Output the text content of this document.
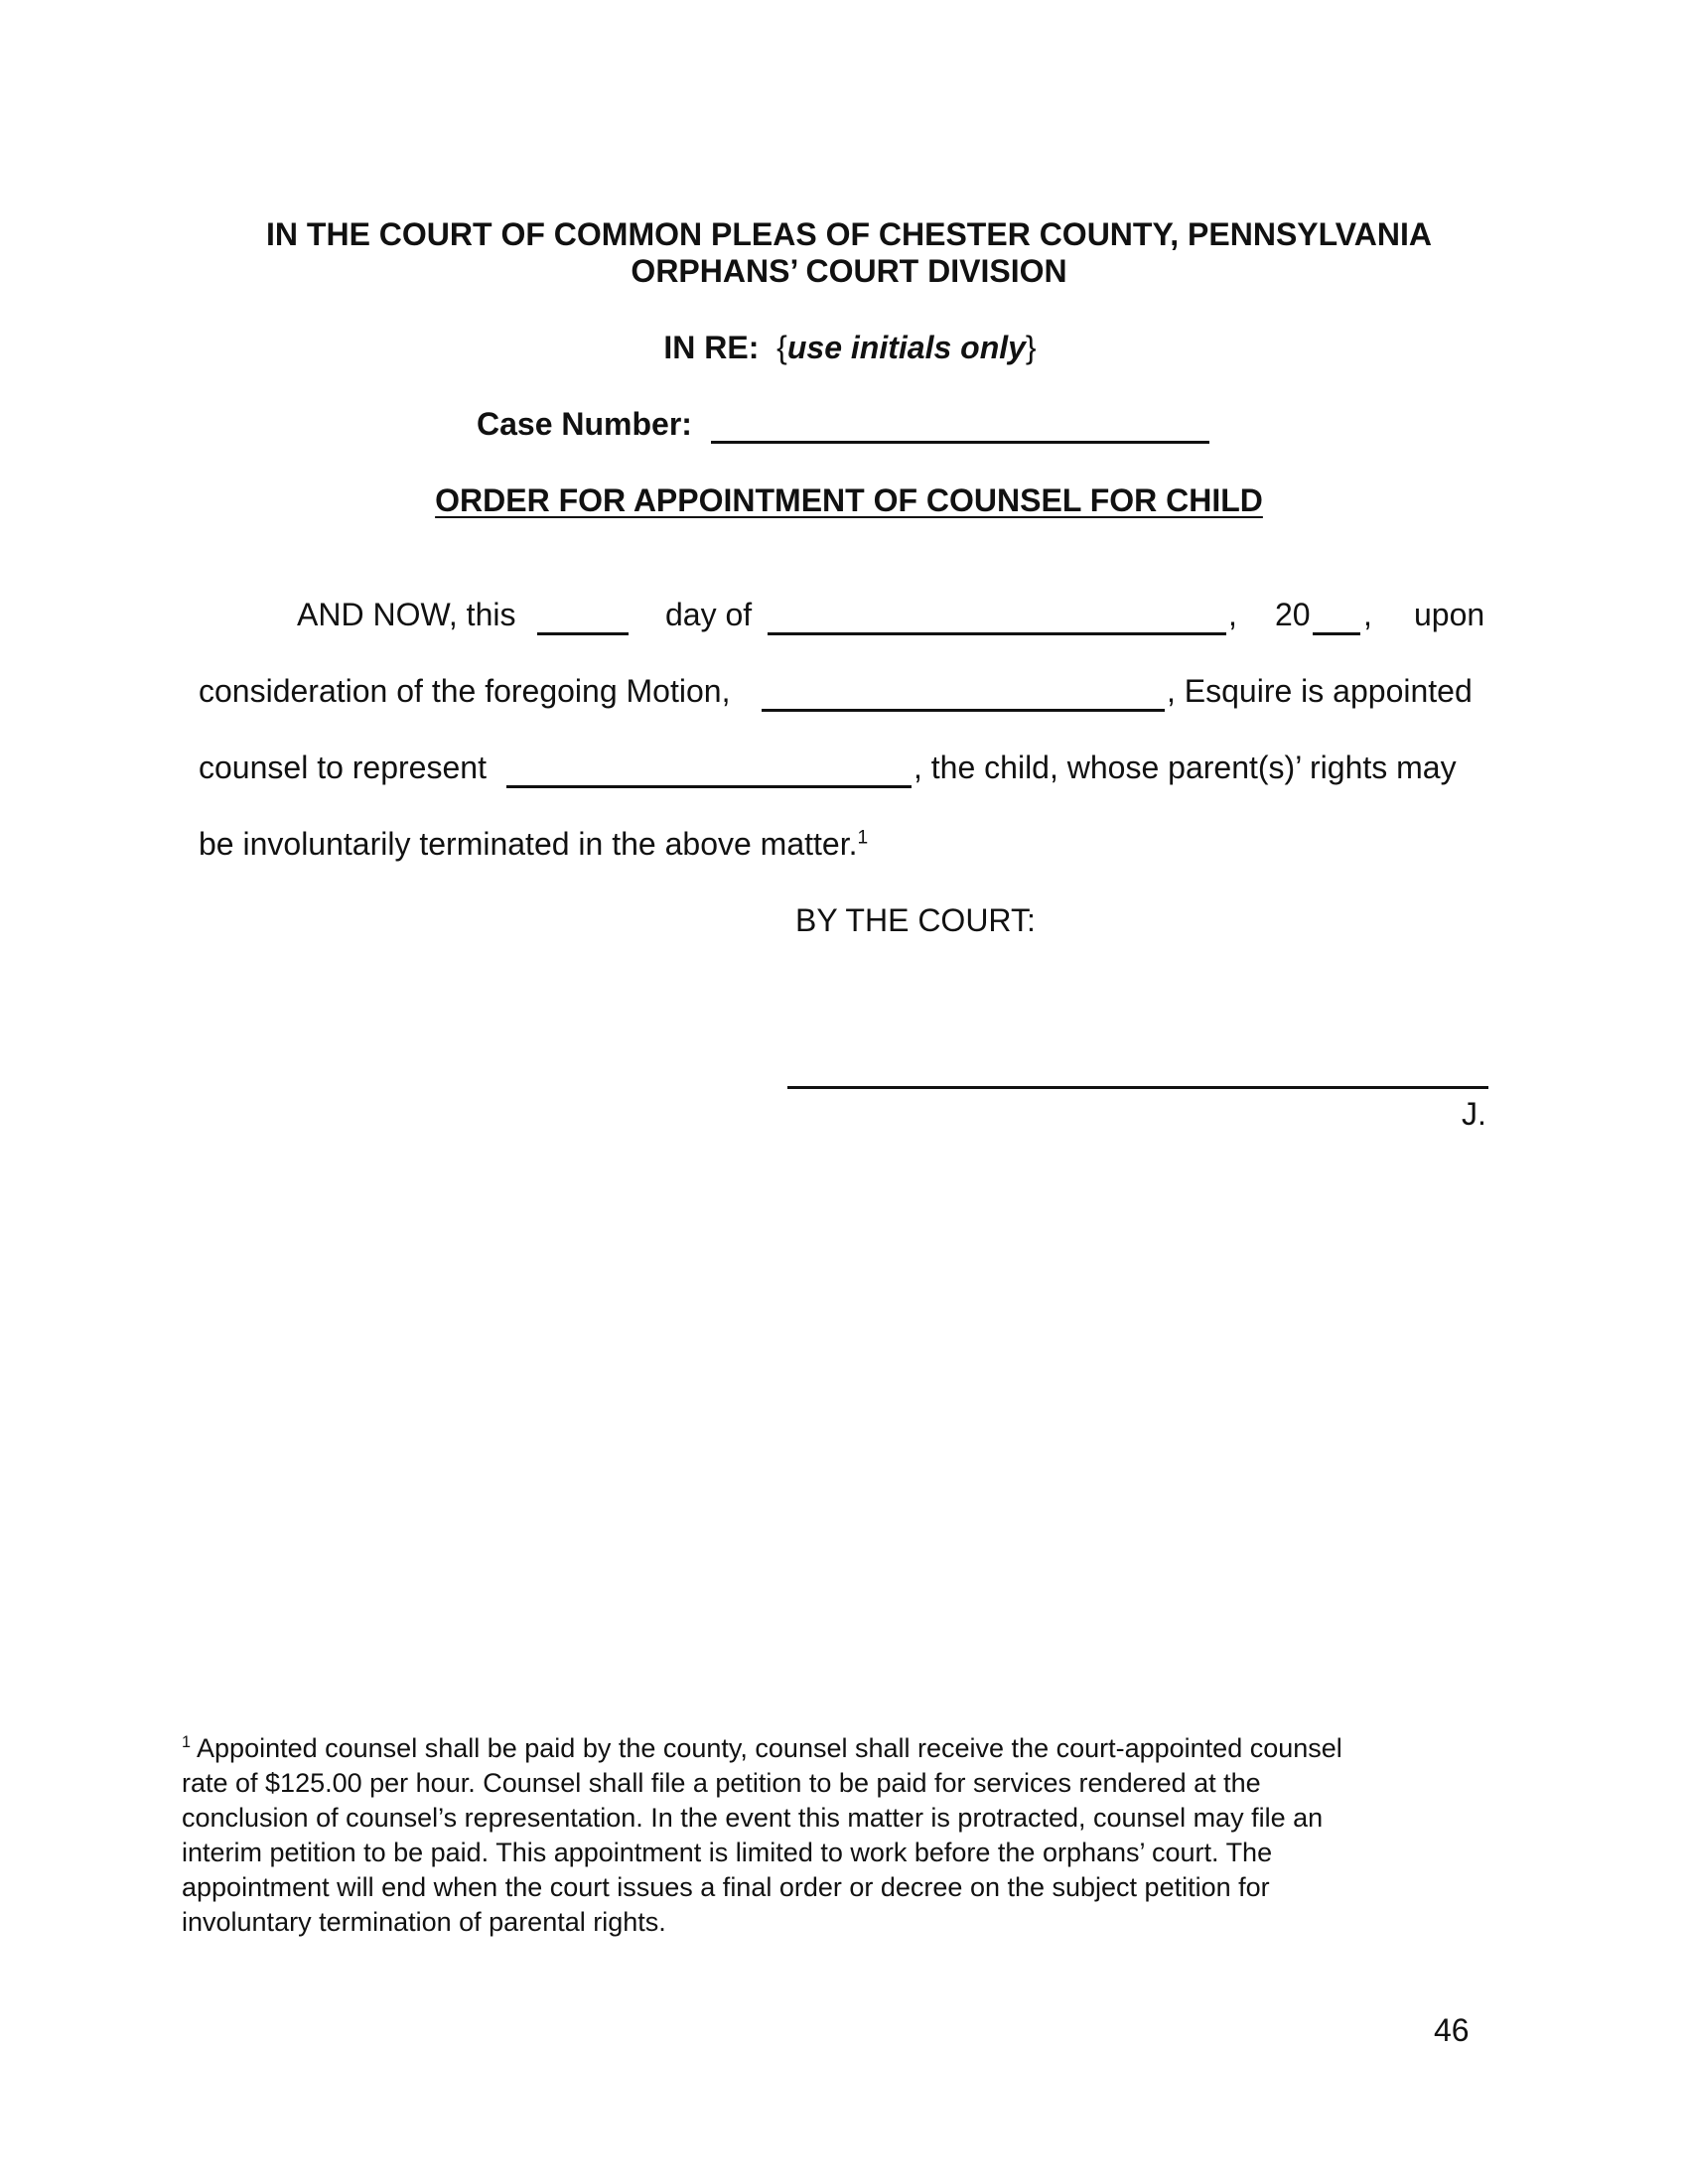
IN THE COURT OF COMMON PLEAS OF CHESTER COUNTY, PENNSYLVANIA
ORPHANS’ COURT DIVISION
IN RE: {use initials only}
Case Number:
ORDER FOR APPOINTMENT OF COUNSEL FOR CHILD
AND NOW, this	day of	, 20 , upon
consideration of the foregoing Motion,	, Esquire is appointed
counsel to represent	, the child, whose parent(s)’ rights may
be involuntarily terminated in the above matter.$^1$
BY THE COURT:
J.
$^1$ Appointed counsel shall be paid by the county, counsel shall receive the court-appointed counsel
rate of $125.00 per hour. Counsel shall file a petition to be paid for services rendered at the
conclusion of counsel’s representation. In the event this matter is protracted, counsel may file an
interim petition to be paid. This appointment is limited to work before the orphans’ court. The
appointment will end when the court issues a final order or decree on the subject petition for
involuntary termination of parental rights.
46
